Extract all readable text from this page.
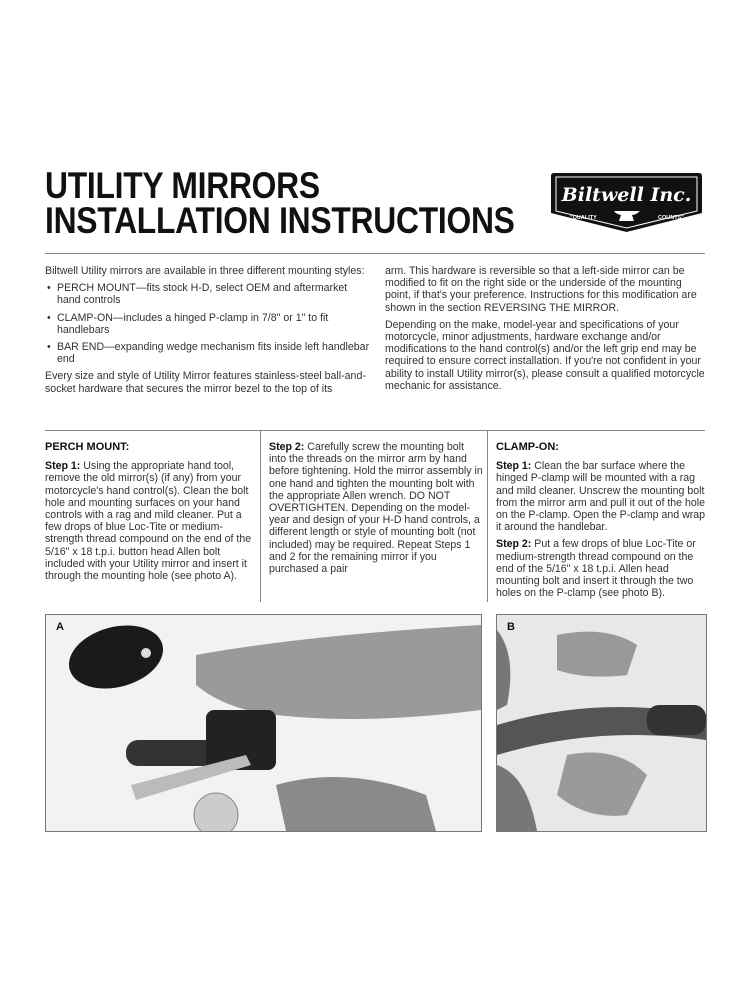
UTILITY MIRRORS
INSTALLATION INSTRUCTIONS
Biltwell Inc.
"QUALITY	COUNTS"

Biltwell Utility mirrors are available in three different mounting styles:

• PERCH MOUNT—fits stock H-D, select OEM and aftermarket hand controls
• CLAMP-ON—includes a hinged P-clamp in 7/8" or 1" to fit handlebars
• BAR END—expanding wedge mechanism fits inside left handlebar end

Every size and style of Utility Mirror features stainless-steel ball-and-socket hardware that secures the mirror bezel to the top of its

arm. This hardware is reversible so that a left-side mirror can be modified to fit on the right side or the underside of the mounting point, if that's your preference. Instructions for this modification are shown in the section REVERSING THE MIRROR.

Depending on the make, model-year and specifications of your motorcycle, minor adjustments, hardware exchange and/or modifications to the hand control(s) and/or the left grip end may be required to ensure correct installation. If you're not confident in your ability to install Utility mirror(s), please consult a qualified motorcycle mechanic for assistance.

PERCH MOUNT:

Step 1: Using the appropriate hand tool, remove the old mirror(s) (if any) from your motorcycle's hand control(s). Clean the bolt hole and mounting surfaces on your hand controls with a rag and mild cleaner. Put a few drops of blue Loc-Tite or medium-strength thread compound on the end of the 5/16" x 18 t.p.i. button head Allen bolt included with your Utility mirror and insert it through the mounting hole (see photo A).

Step 2: Carefully screw the mounting bolt into the threads on the mirror arm by hand before tightening. Hold the mirror assembly in one hand and tighten the mounting bolt with the appropriate Allen wrench. DO NOT OVERTIGHTEN. Depending on the model-year and design of your H-D hand controls, a different length or style of mounting bolt (not included) may be required. Repeat Steps 1 and 2 for the remaining mirror if you purchased a pair

CLAMP-ON:

Step 1: Clean the bar surface where the hinged P-clamp will be mounted with a rag and mild cleaner. Unscrew the mounting bolt from the mirror arm and pull it out of the hole on the P-clamp. Open the P-clamp and wrap it around the handlebar.

Step 2: Put a few drops of blue Loc-Tite or medium-strength thread compound on the end of the 5/16" x 18 t.p.i. Allen head mounting bolt and insert it through the two holes on the P-clamp (see photo B).

A	B
